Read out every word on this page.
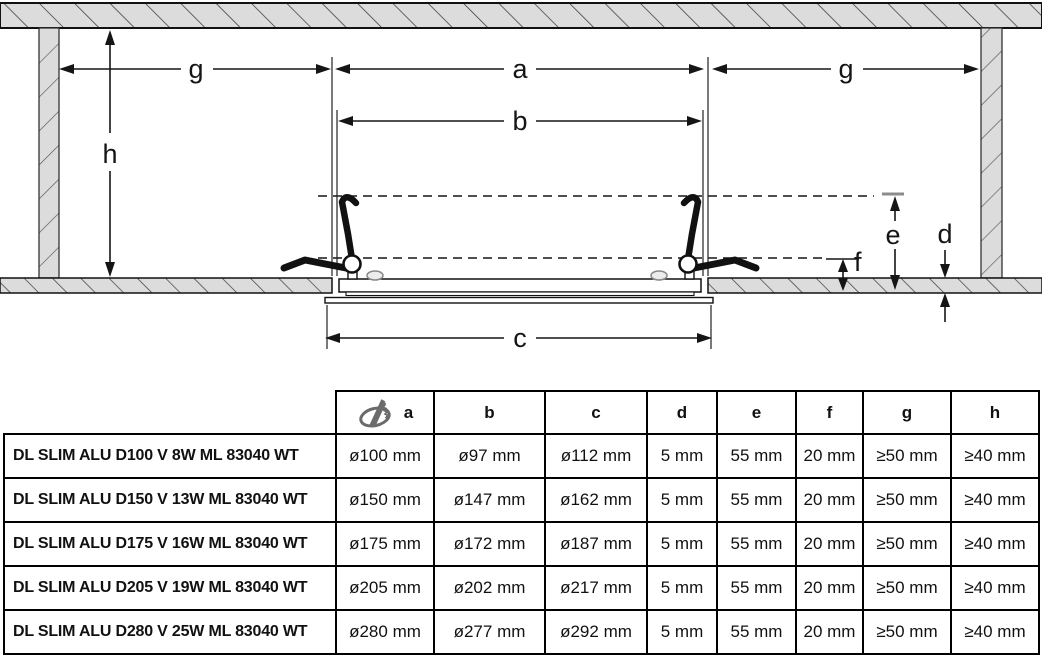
g	a	g
b
h
c
e
f
d

	a	b	c	d	e	f	g	h
DL SLIM ALU D100 V 8W ML 83040 WT	ø100 mm	ø97 mm	ø112 mm	5 mm	55 mm	20 mm	≥50 mm	≥40 mm
DL SLIM ALU D150 V 13W ML 83040 WT	ø150 mm	ø147 mm	ø162 mm	5 mm	55 mm	20 mm	≥50 mm	≥40 mm
DL SLIM ALU D175 V 16W ML 83040 WT	ø175 mm	ø172 mm	ø187 mm	5 mm	55 mm	20 mm	≥50 mm	≥40 mm
DL SLIM ALU D205 V 19W ML 83040 WT	ø205 mm	ø202 mm	ø217 mm	5 mm	55 mm	20 mm	≥50 mm	≥40 mm
DL SLIM ALU D280 V 25W ML 83040 WT	ø280 mm	ø277 mm	ø292 mm	5 mm	55 mm	20 mm	≥50 mm	≥40 mm
